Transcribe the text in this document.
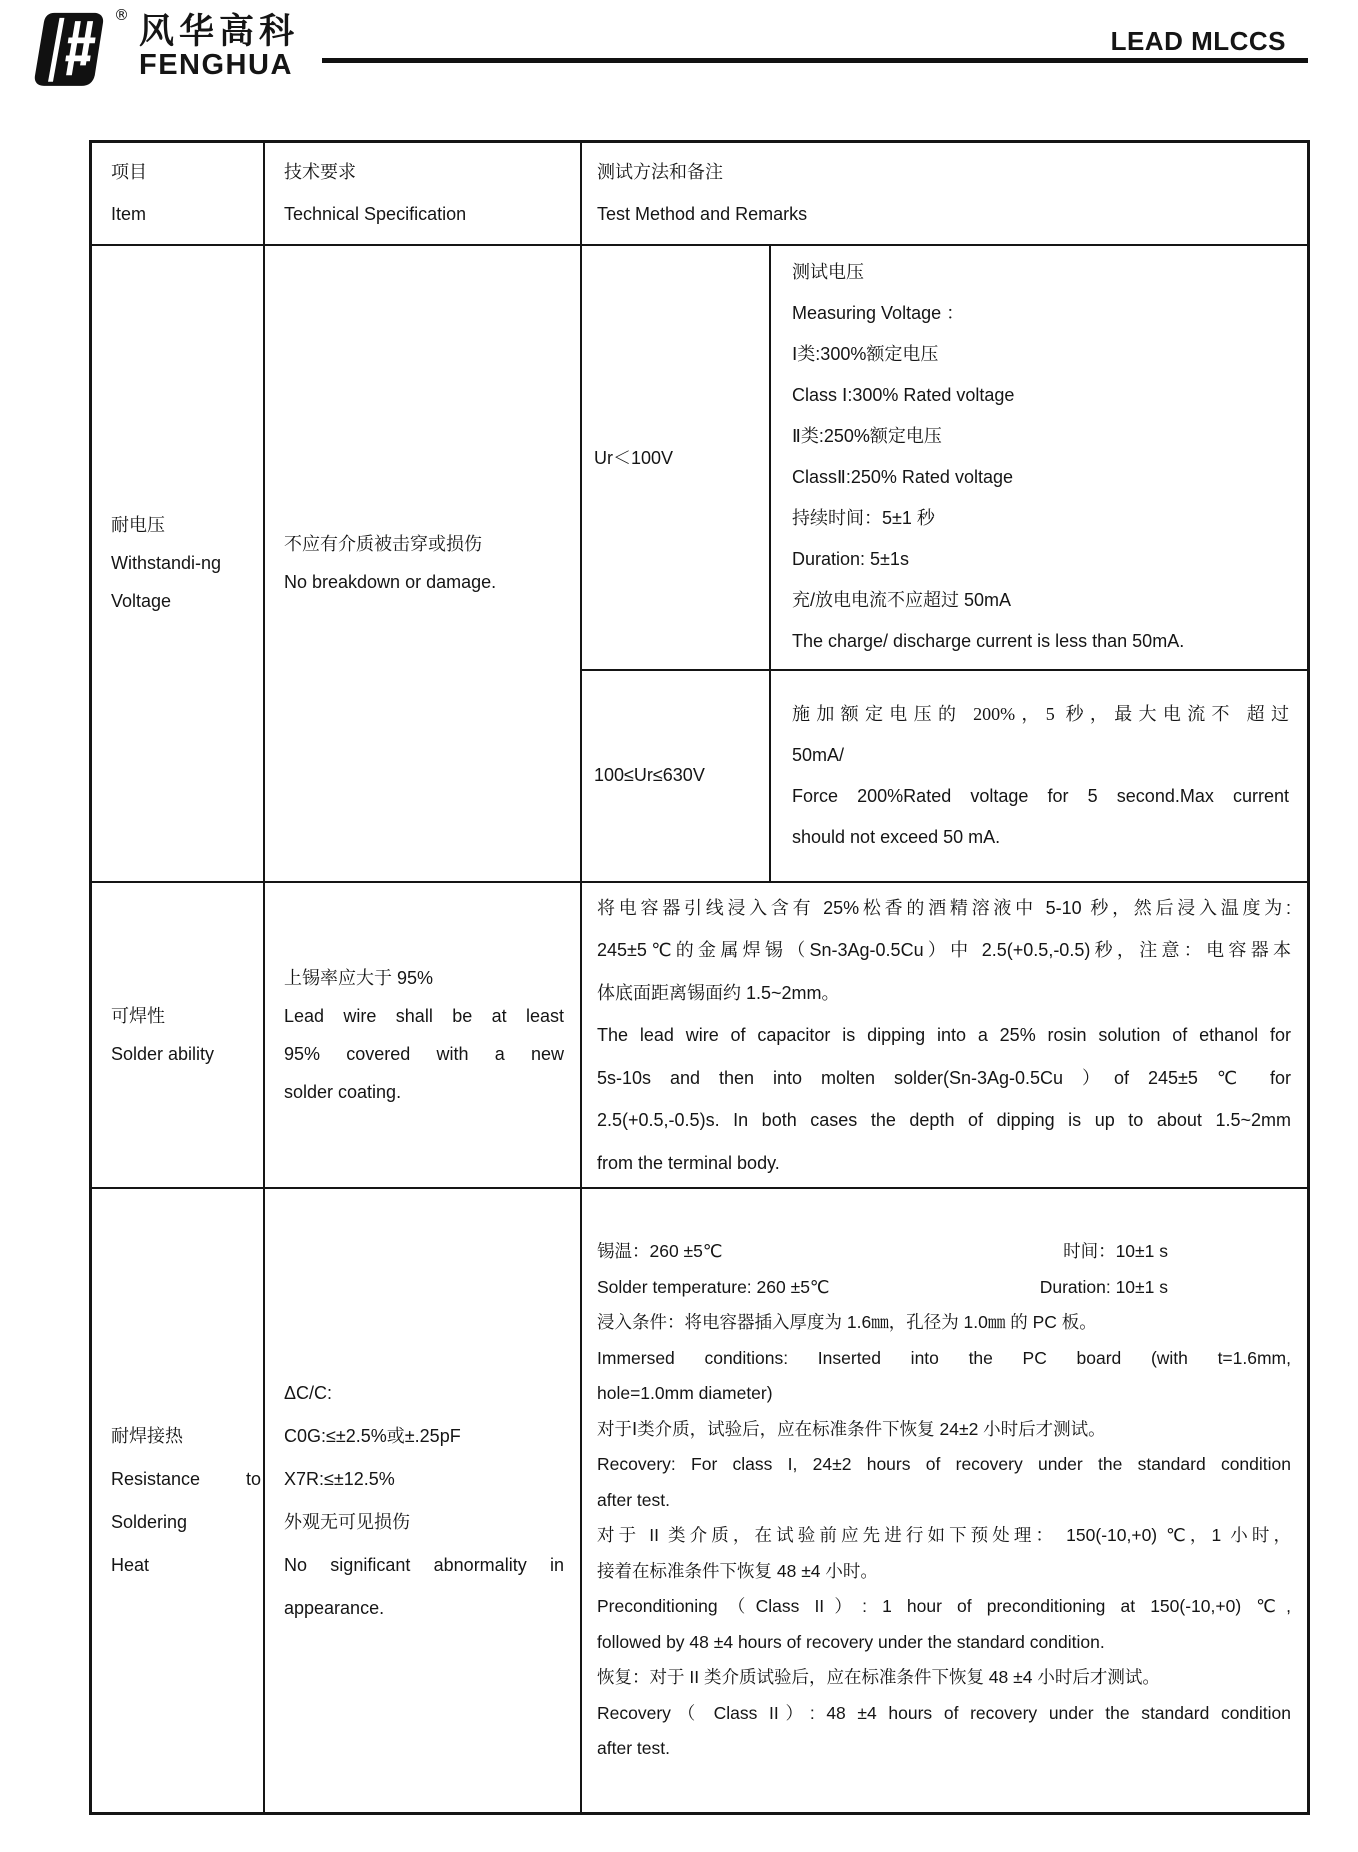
® 风华高科
FENGHUA
LEAD MLCCS
项目
Item
技术要求
Technical Specification
测试方法和备注
Test Method and Remarks
耐电压
Withstandi-ng
Voltage
不应有介质被击穿或损伤
No breakdown or damage.
Ur＜100V
测试电压
Measuring Voltage ：
Ⅰ类:300%额定电压
Class Ⅰ:300% Rated voltage
Ⅱ类:250%额定电压
ClassⅡ:250% Rated voltage
持续时间：5±1 秒
Duration: 5±1s
充/放电电流不应超过 50mA
The charge/ discharge current is less than 50mA.
100≤Ur≤630V
施加额定电压的 200%，5 秒，最大电流不 超过
50mA/
Force 200%Rated voltage for 5 second.Max current
should not exceed 50 mA.
可焊性
Solder ability
上锡率应大于 95%
Lead wire shall be at least
95% covered with a new
solder coating.
将电容器引线浸入含有 25%松香的酒精溶液中 5-10 秒，然后浸入温度为:
245±5℃的金属焊锡（Sn-3Ag-0.5Cu）中 2.5(+0.5,-0.5)秒，注意：电容器本
体底面距离锡面约 1.5~2mm。
The lead wire of capacitor is dipping into a 25% rosin solution of ethanol for
5s-10s and then into molten solder(Sn-3Ag-0.5Cu ）of 245±5 ℃ for
2.5(+0.5,-0.5)s. In both cases the depth of dipping is up to about 1.5~2mm
from the terminal body.
耐焊接热
Resistance to
Soldering
Heat
ΔC/C:
C0G:≤±2.5%或±.25pF
X7R:≤±12.5%
外观无可见损伤
No significant abnormality in
appearance.
锡温：260 ±5℃	时间：10±1 s
Solder temperature: 260 ±5℃	Duration: 10±1 s
浸入条件：将电容器插入厚度为 1.6㎜，孔径为 1.0㎜ 的 PC 板。
Immersed conditions: Inserted into the PC board (with t=1.6mm,
hole=1.0mm diameter)
对于Ⅰ类介质，试验后，应在标准条件下恢复 24±2 小时后才测试。
Recovery: For class I, 24±2 hours of recovery under the standard condition
after test.
对于 II 类介质，在试验前应先进行如下预处理： 150(-10,+0) ℃，1 小时，
接着在标准条件下恢复 48 ±4 小时。
Preconditioning（Class II）: 1 hour of preconditioning at 150(-10,+0) ℃,
followed by 48 ±4 hours of recovery under the standard condition.
恢复：对于 II 类介质试验后，应在标准条件下恢复 48 ±4 小时后才测试。
Recovery（ Class II）: 48 ±4 hours of recovery under the standard condition
after test.
